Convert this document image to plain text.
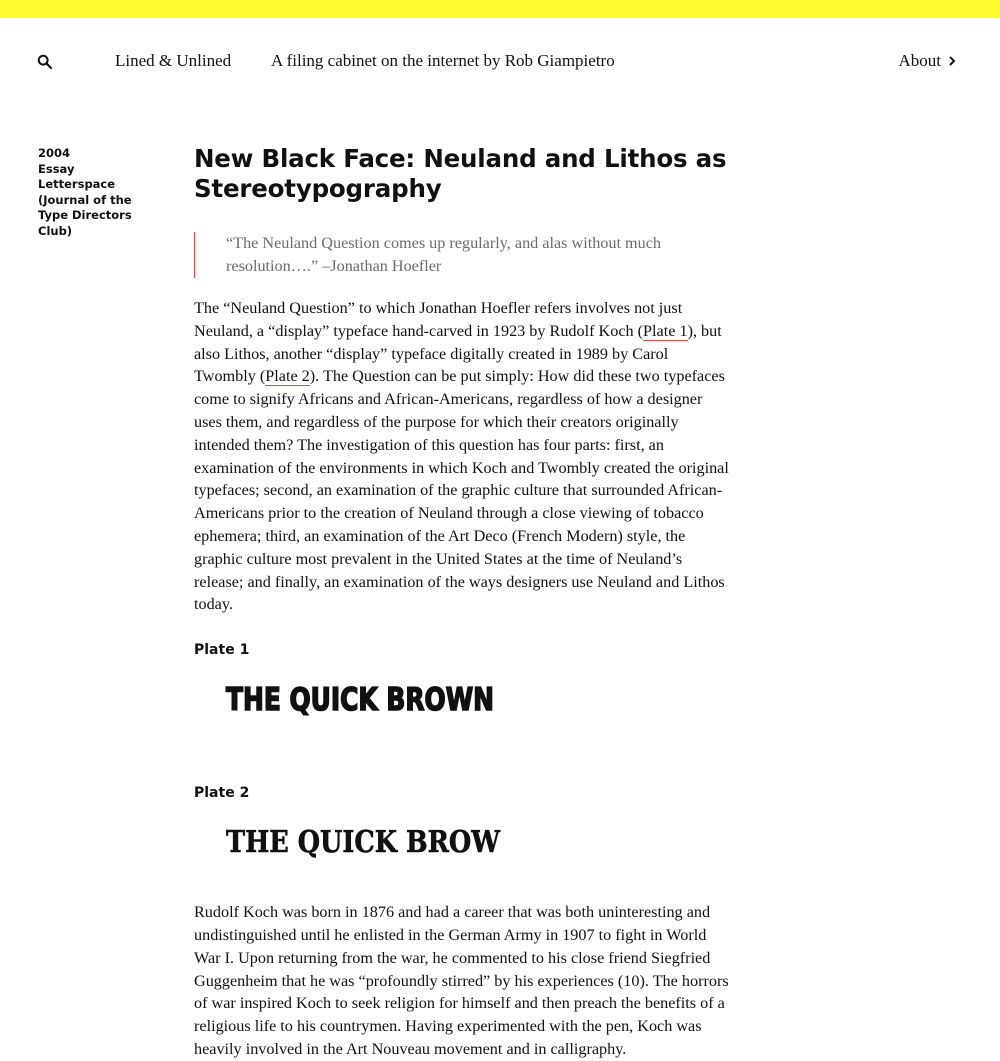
Lined & Unlined A filing cabinet on the internet by Rob Giampietro	About
2004
Essay
Letterspace
(Journal of the
Type Directors
Club)
New Black Face: Neuland and Lithos as Stereotypography
“The Neuland Question comes up regularly, and alas without much resolution….” –Jonathan Hoefler

The “Neuland Question” to which Jonathan Hoefler refers involves not just Neuland, a “display” typeface hand-carved in 1923 by Rudolf Koch (Plate 1), but also Lithos, another “display” typeface digitally created in 1989 by Carol Twombly (Plate 2). The Question can be put simply: How did these two typefaces come to signify Africans and African-Americans, regardless of how a designer uses them, and regardless of the purpose for which their creators originally intended them? The investigation of this question has four parts: first, an examination of the environments in which Koch and Twombly created the original typefaces; second, an examination of the graphic culture that surrounded African-Americans prior to the creation of Neuland through a close viewing of tobacco ephemera; third, an examination of the Art Deco (French Modern) style, the graphic culture most prevalent in the United States at the time of Neuland’s release; and finally, an examination of the ways designers use Neuland and Lithos today.

Plate 1

THE QUICK BROWN

Plate 2

THE QUICK BROW

Rudolf Koch was born in 1876 and had a career that was both uninteresting and undistinguished until he enlisted in the German Army in 1907 to fight in World War I. Upon returning from the war, he commented to his close friend Siegfried Guggenheim that he was “profoundly stirred” by his experiences (10). The horrors of war inspired Koch to seek religion for himself and then preach the benefits of a religious life to his countrymen. Having experimented with the pen, Koch was heavily involved in the Art Nouveau movement and in calligraphy.
